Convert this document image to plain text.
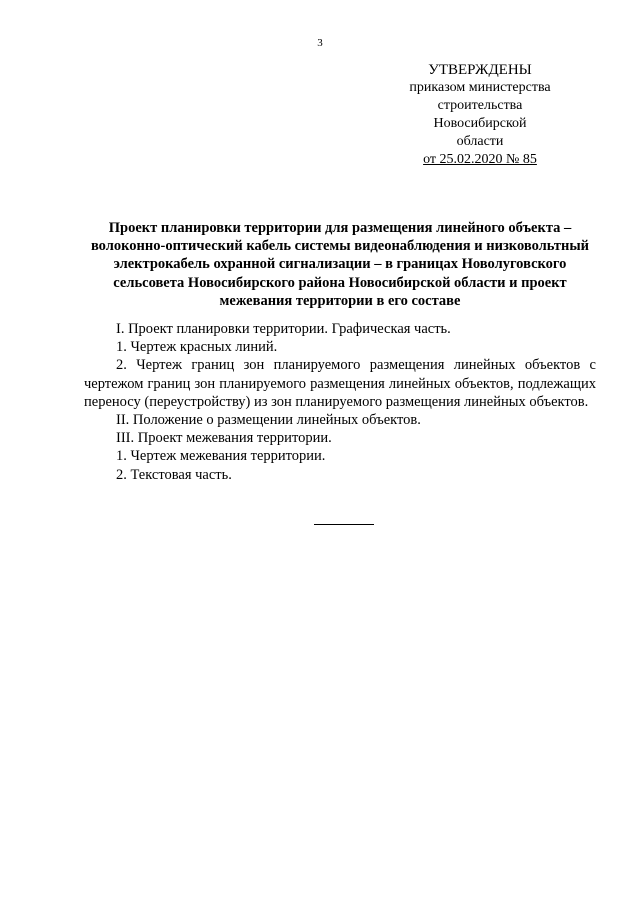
3
УТВЕРЖДЕНЫ
приказом министерства
строительства Новосибирской
области
от 25.02.2020 № 85
Проект планировки территории для размещения линейного объекта – волоконно-оптический кабель системы видеонаблюдения и низковольтный электрокабель охранной сигнализации – в границах Новолуговского сельсовета Новосибирского района Новосибирской области и проект межевания территории в его составе

I. Проект планировки территории. Графическая часть.

1. Чертеж красных линий.

2. Чертеж границ зон планируемого размещения линейных объектов с чертежом границ зон планируемого размещения линейных объектов, подлежащих переносу (переустройству) из зон планируемого размещения линейных объектов.

II. Положение о размещении линейных объектов.

III. Проект межевания территории.

1. Чертеж межевания территории.

2. Текстовая часть.
